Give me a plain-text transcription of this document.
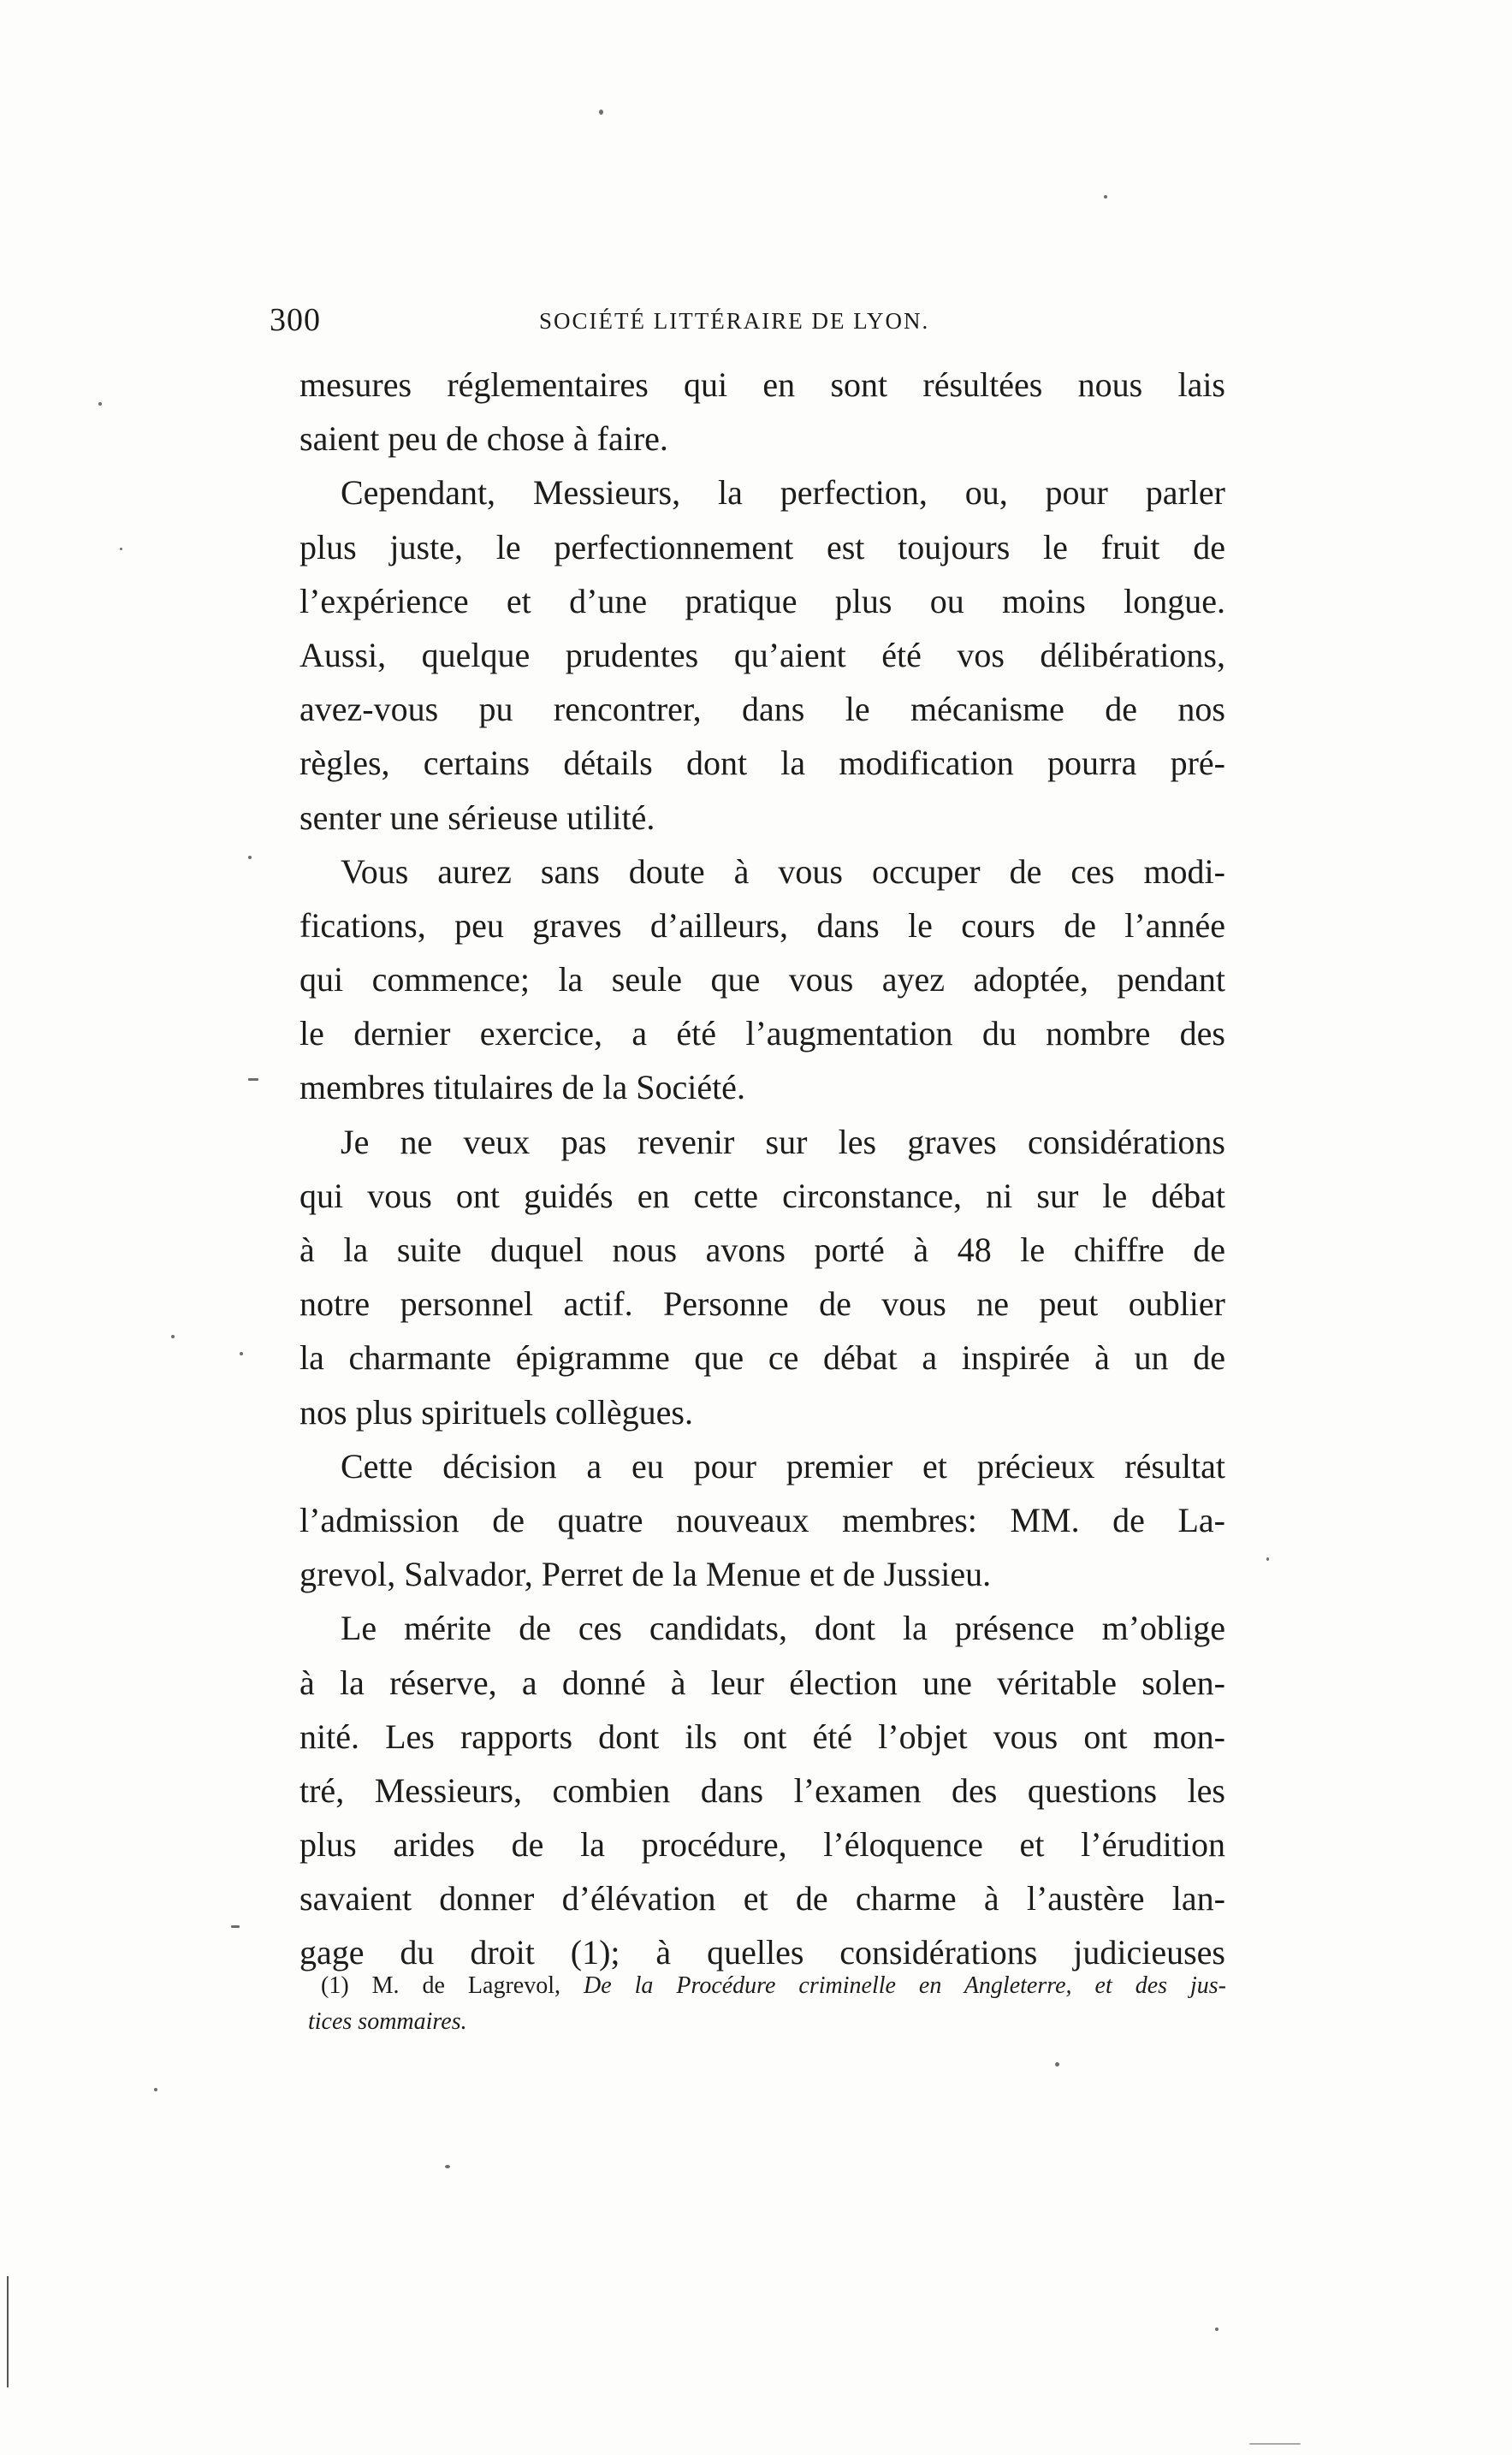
300	SOCIÉTÉ LITTÉRAIRE DE LYON.
mesures réglementaires qui en sont résultées nous lais
saient peu de chose à faire.
Cependant, Messieurs, la perfection, ou, pour parler
plus juste, le perfectionnement est toujours le fruit de
l’expérience et d’une pratique plus ou moins longue.
Aussi, quelque prudentes qu’aient été vos délibérations,
avez-vous pu rencontrer, dans le mécanisme de nos
règles, certains détails dont la modification pourra pré-
senter une sérieuse utilité.
Vous aurez sans doute à vous occuper de ces modi-
fications, peu graves d’ailleurs, dans le cours de l’année
qui commence; la seule que vous ayez adoptée, pendant
le dernier exercice, a été l’augmentation du nombre des
membres titulaires de la Société.
Je ne veux pas revenir sur les graves considérations
qui vous ont guidés en cette circonstance, ni sur le débat
à la suite duquel nous avons porté à 48 le chiffre de
notre personnel actif. Personne de vous ne peut oublier
la charmante épigramme que ce débat a inspirée à un de
nos plus spirituels collègues.
Cette décision a eu pour premier et précieux résultat
l’admission de quatre nouveaux membres: MM. de La-
grevol, Salvador, Perret de la Menue et de Jussieu.
Le mérite de ces candidats, dont la présence m’oblige
à la réserve, a donné à leur élection une véritable solen-
nité. Les rapports dont ils ont été l’objet vous ont mon-
tré, Messieurs, combien dans l’examen des questions les
plus arides de la procédure, l’éloquence et l’érudition
savaient donner d’élévation et de charme à l’austère lan-
gage du droit (1); à quelles considérations judicieuses
(1) M. de Lagrevol, De la Procédure criminelle en Angleterre, et des jus-
tices sommaires.
